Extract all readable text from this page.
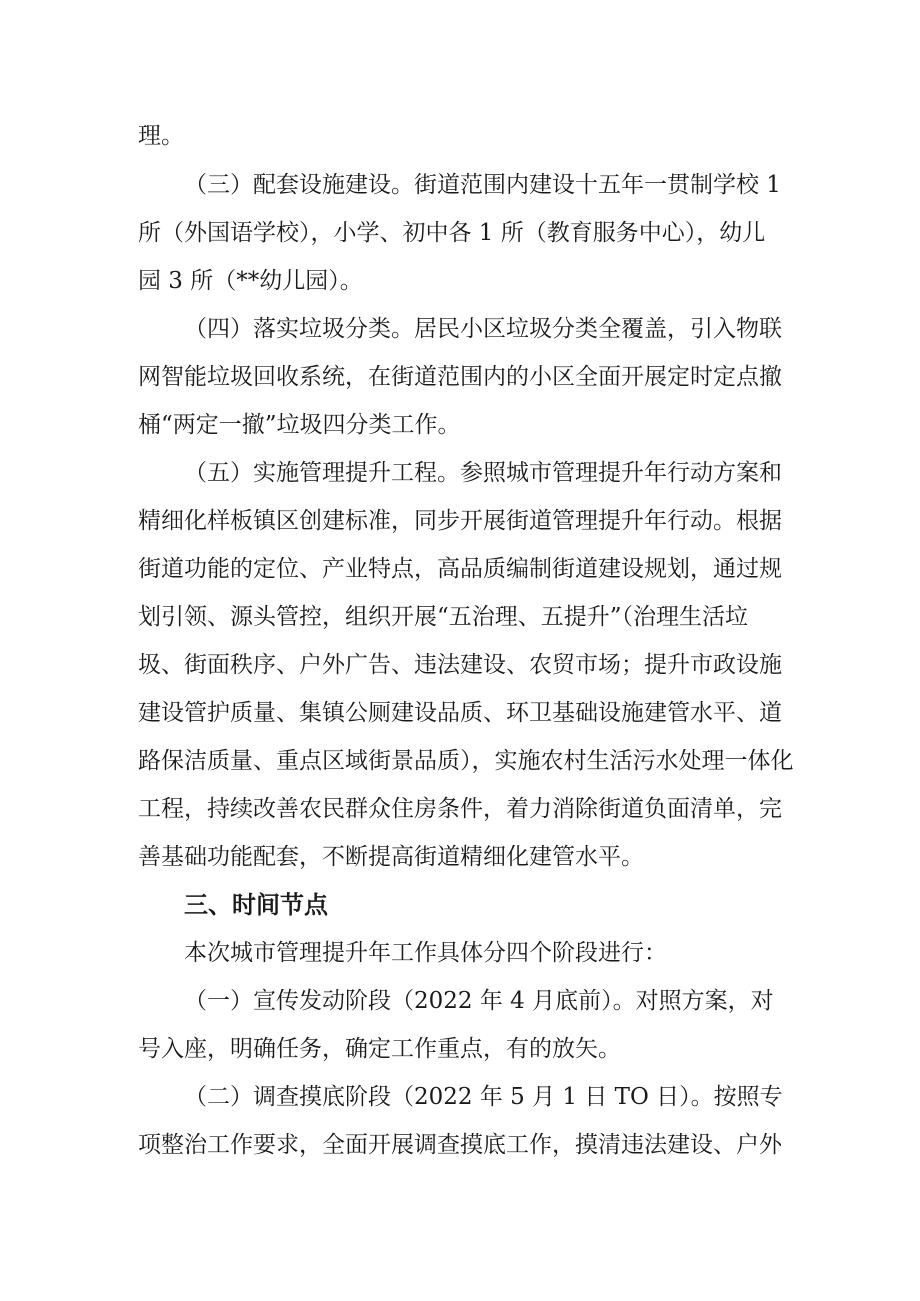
理。
（三）配套设施建设。街道范围内建设十五年一贯制学校 1
所（外国语学校），小学、初中各 1 所（教育服务中心），幼儿
园 3 所（**幼儿园）。
（四）落实垃圾分类。居民小区垃圾分类全覆盖，引入物联
网智能垃圾回收系统，在街道范围内的小区全面开展定时定点撤
桶“两定一撤”垃圾四分类工作。
（五）实施管理提升工程。参照城市管理提升年行动方案和
精细化样板镇区创建标准，同步开展街道管理提升年行动。根据
街道功能的定位、产业特点，高品质编制街道建设规划，通过规
划引领、源头管控，组织开展“五治理、五提升”（治理生活垃
圾、街面秩序、户外广告、违法建设、农贸市场；提升市政设施
建设管护质量、集镇公厕建设品质、环卫基础设施建管水平、道
路保洁质量、重点区域街景品质），实施农村生活污水处理一体化
工程，持续改善农民群众住房条件，着力消除街道负面清单，完
善基础功能配套，不断提高街道精细化建管水平。
三、时间节点
本次城市管理提升年工作具体分四个阶段进行：
（一）宣传发动阶段（2022 年 4 月底前）。对照方案，对
号入座，明确任务，确定工作重点，有的放矢。
（二）调查摸底阶段（2022 年 5 月 1 日 TO 日）。按照专
项整治工作要求，全面开展调查摸底工作，摸清违法建设、户外
